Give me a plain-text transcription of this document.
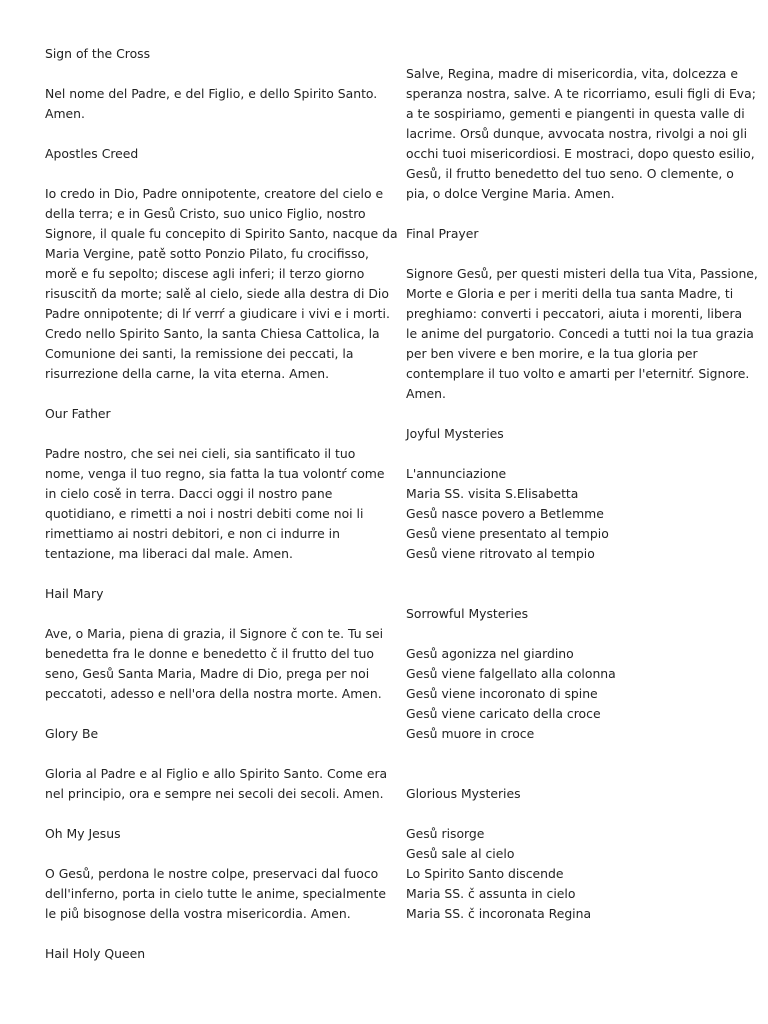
Sign of the Cross
Nel nome del Padre, e del Figlio, e dello Spirito Santo.
Amen.
Apostles Creed
Io credo in Dio, Padre onnipotente, creatore del cielo e
della terra; e in Gesů Cristo, suo unico Figlio, nostro
Signore, il quale fu concepito di Spirito Santo, nacque da
Maria Vergine, patě sotto Ponzio Pilato, fu crocifisso,
morě e fu sepolto; discese agli inferi; il terzo giorno
risuscitň da morte; salě al cielo, siede alla destra di Dio
Padre onnipotente; di lŕ verrŕ a giudicare i vivi e i morti.
Credo nello Spirito Santo, la santa Chiesa Cattolica, la
Comunione dei santi, la remissione dei peccati, la
risurrezione della carne, la vita eterna. Amen.
Our Father
Padre nostro, che sei nei cieli, sia santificato il tuo
nome, venga il tuo regno, sia fatta la tua volontŕ come
in cielo cosě in terra. Dacci oggi il nostro pane
quotidiano, e rimetti a noi i nostri debiti come noi li
rimettiamo ai nostri debitori, e non ci indurre in
tentazione, ma liberaci dal male. Amen.
Hail Mary
Ave, o Maria, piena di grazia, il Signore č con te. Tu sei
benedetta fra le donne e benedetto č il frutto del tuo
seno, Gesů Santa Maria, Madre di Dio, prega per noi
peccatoti, adesso e nell'ora della nostra morte. Amen.
Glory Be
Gloria al Padre e al Figlio e allo Spirito Santo. Come era
nel principio, ora e sempre nei secoli dei secoli. Amen.
Oh My Jesus
O Gesů, perdona le nostre colpe, preservaci dal fuoco
dell'inferno, porta in cielo tutte le anime, specialmente
le piů bisognose della vostra misericordia. Amen.
Hail Holy Queen
Salve, Regina, madre di misericordia, vita, dolcezza e
speranza nostra, salve. A te ricorriamo, esuli figli di Eva;
a te sospiriamo, gementi e piangenti in questa valle di
lacrime. Orsů dunque, avvocata nostra, rivolgi a noi gli
occhi tuoi misericordiosi. E mostraci, dopo questo esilio,
Gesů, il frutto benedetto del tuo seno. O clemente, o
pia, o dolce Vergine Maria. Amen.
Final Prayer
Signore Gesů, per questi misteri della tua Vita, Passione,
Morte e Gloria e per i meriti della tua santa Madre, ti
preghiamo: converti i peccatori, aiuta i morenti, libera
le anime del purgatorio. Concedi a tutti noi la tua grazia
per ben vivere e ben morire, e la tua gloria per
contemplare il tuo volto e amarti per l'eternitŕ. Signore.
Amen.
Joyful Mysteries
L'annunciazione
Maria SS. visita S.Elisabetta
Gesů nasce povero a Betlemme
Gesů viene presentato al tempio
Gesů viene ritrovato al tempio
Sorrowful Mysteries
Gesů agonizza nel giardino
Gesů viene falgellato alla colonna
Gesů viene incoronato di spine
Gesů viene caricato della croce
Gesů muore in croce
Glorious Mysteries
Gesů risorge
Gesů sale al cielo
Lo Spirito Santo discende
Maria SS. č assunta in cielo
Maria SS. č incoronata Regina
